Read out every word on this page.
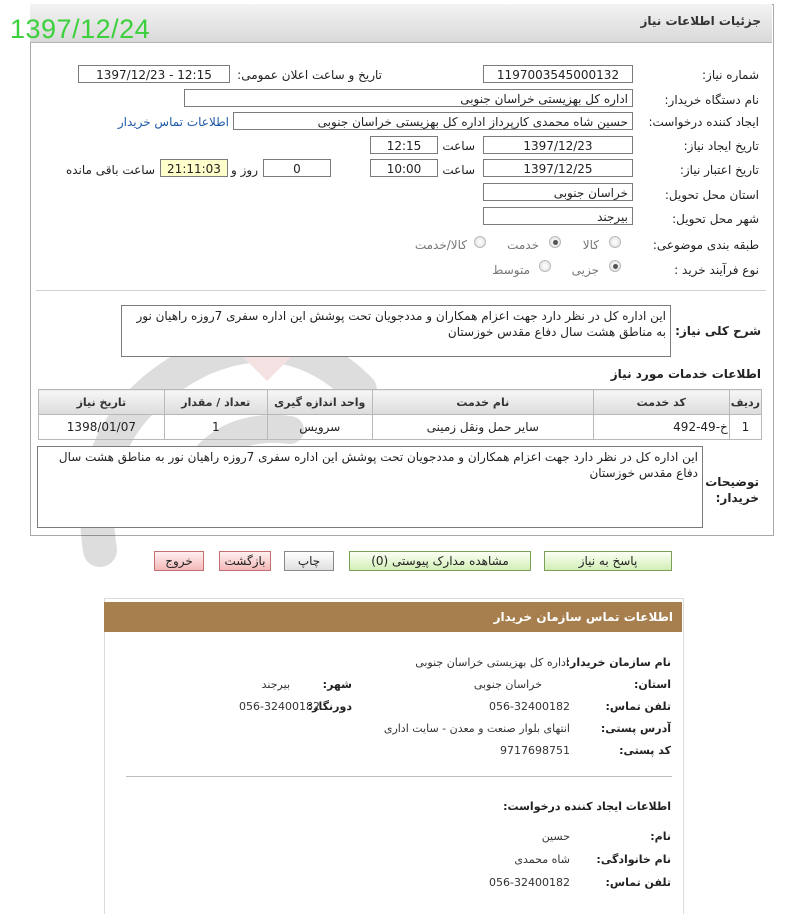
جزئیات اطلاعات نیاز
1397/12/24
شماره نیاز:
1197003545000132
تاریخ و ساعت اعلان عمومی:
1397/12/23 - 12:15
نام دستگاه خریدار:
اداره کل بهزیستی خراسان جنوبی
ایجاد کننده درخواست:
حسین شاه محمدی کارپرداز اداره کل بهزیستی خراسان جنوبی
اطلاعات تماس خریدار
تاریخ ایجاد نیاز:
1397/12/23
ساعت
12:15
تاریخ اعتبار نیاز:
1397/12/25
ساعت
10:00
0
روز و
21:11:03
ساعت باقی مانده
استان محل تحویل:
خراسان جنوبی
شهر محل تحویل:
بیرجند
طبقه بندی موضوعی:
کالا
خدمت
کالا/خدمت
نوع فرآیند خرید :
جزیی
متوسط
شرح کلی نیاز:
این اداره کل در نظر دارد جهت اعزام همکاران و مددجویان تحت پوشش این اداره سفری 7روزه راهیان نور به مناطق هشت سال دفاع مقدس خوزستان
اطلاعات خدمات مورد نیاز
ردیف	کد خدمت	نام خدمت	واحد اندازه گیری	تعداد / مقدار	تاریخ نیاز
1	خ-49-492	سایر حمل ونقل زمینی	سرویس	1	1398/01/07
توضیحات خریدار:
این اداره کل در نظر دارد جهت اعزام همکاران و مددجویان تحت پوشش این اداره سفری 7روزه راهیان نور به مناطق هشت سال دفاع مقدس خوزستان
پاسخ به نیاز
مشاهده مدارک پیوستی (0)
چاپ
بازگشت
خروج
اطلاعات تماس سازمان خریدار
نام سازمان خریدار:
اداره کل بهزیستی خراسان جنوبی
استان:
خراسان جنوبی
شهر:
بیرجند
تلفن تماس:
056-32400182
دورنگار:
056-32400182
آدرس پستی:
انتهای بلوار صنعت و معدن - سایت اداری
کد پستی:
9717698751
اطلاعات ایجاد کننده درخواست:
نام:
حسین
نام خانوادگی:
شاه محمدی
تلفن تماس:
056-32400182
